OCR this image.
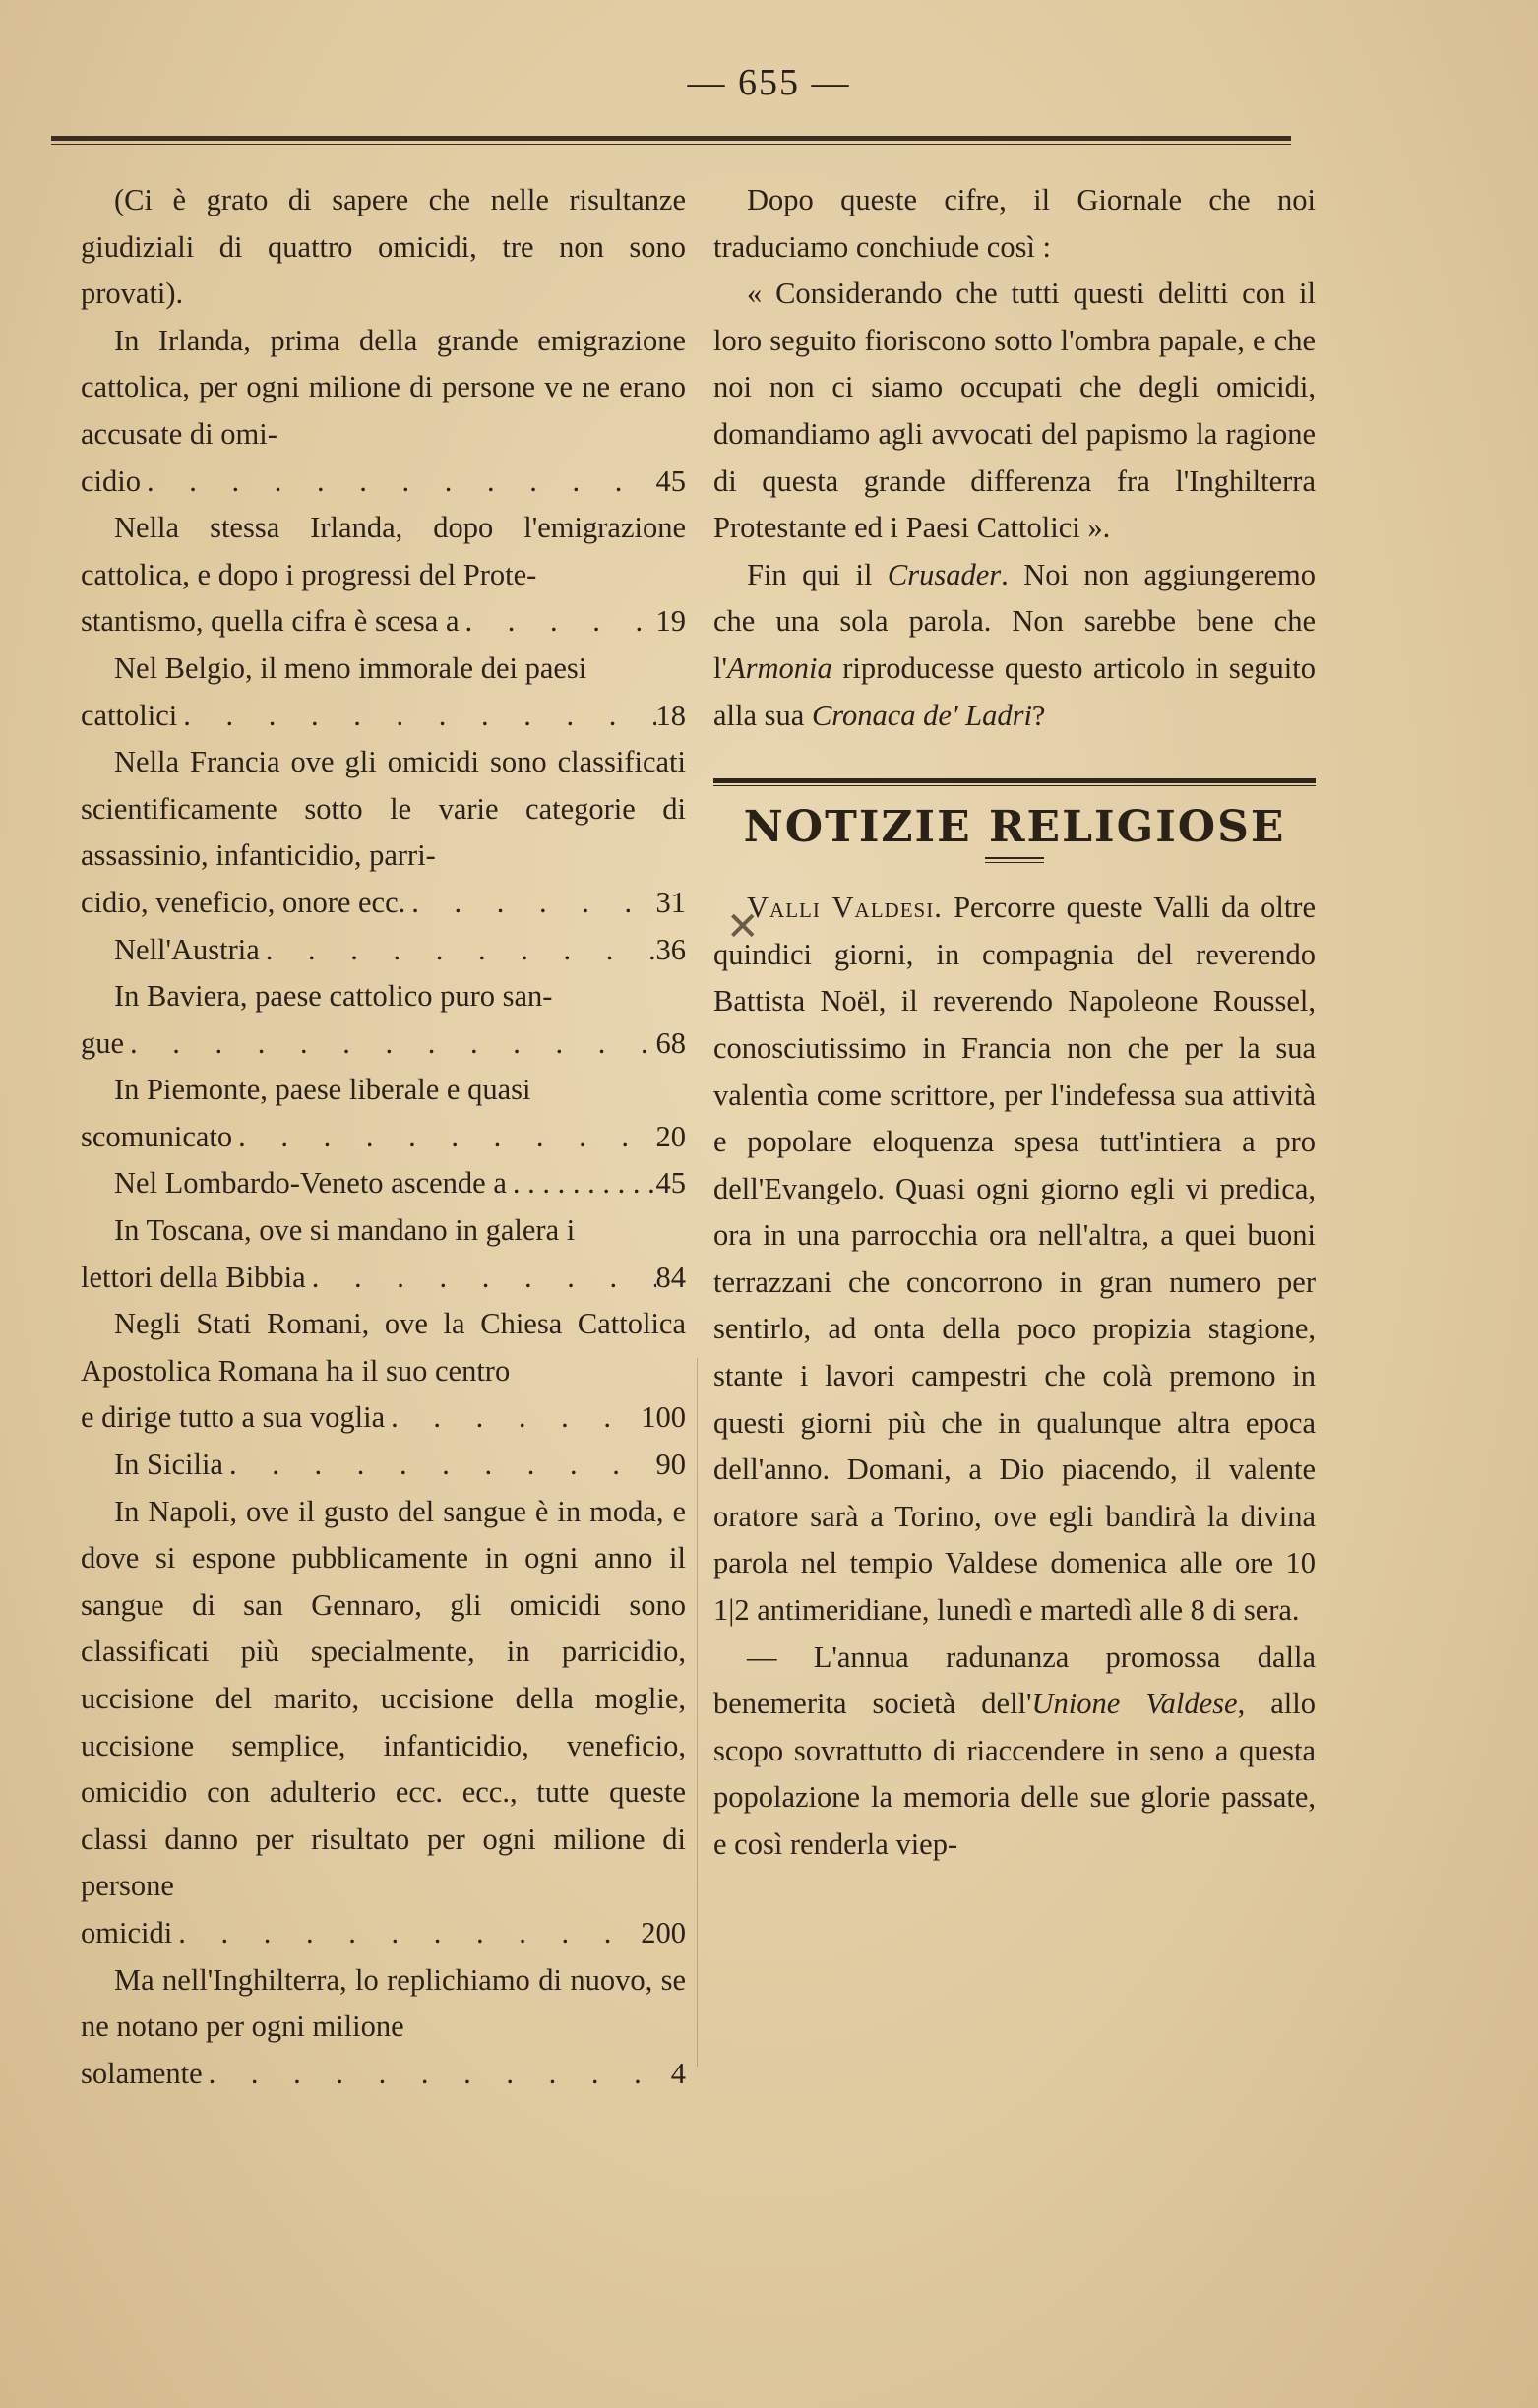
— 655 —

(Ci è grato di sapere che nelle risultanze giudiziali di quattro omicidi, tre non sono provati).

In Irlanda, prima della grande emigrazione cattolica, per ogni milione di persone ve ne erano accusate di omi-

cidio . . .	45

Nella stessa Irlanda, dopo l'emigrazione cattolica, e dopo i progressi del Prote-

stantismo, quella cifra è scesa a . . .	19

Nel Belgio, il meno immorale dei paesi

cattolici . . .	18

Nella Francia ove gli omicidi sono classificati scientificamente sotto le varie categorie di assassinio, infanticidio, parri-

cidio, veneficio, onore ecc. . . .	31
Nell'Austria . . .	36

In Baviera, paese cattolico puro san-

gue . . .	68

In Piemonte, paese liberale e quasi

scomunicato . . .	20
Nel Lombardo-Veneto ascende a . . .	45

In Toscana, ove si mandano in galera i

lettori della Bibbia . . .	84

Negli Stati Romani, ove la Chiesa Cattolica Apostolica Romana ha il suo centro

e dirige tutto a sua voglia . . .	100
In Sicilia . . .	90

In Napoli, ove il gusto del sangue è in moda, e dove si espone pubblicamente in ogni anno il sangue di san Gennaro, gli omicidi sono classificati più specialmente, in parricidio, uccisione del marito, uccisione della moglie, uccisione semplice, infanticidio, veneficio, omicidio con adulterio ecc. ecc., tutte queste classi danno per risultato per ogni milione di persone

omicidi . . .	200

Ma nell'Inghilterra, lo replichiamo di nuovo, se ne notano per ogni milione

solamente . . .	4

Dopo queste cifre, il Giornale che noi traduciamo conchiude così :

« Considerando che tutti questi delitti con il loro seguito fioriscono sotto l'ombra papale, e che noi non ci siamo occupati che degli omicidi, domandiamo agli avvocati del papismo la ragione di questa grande differenza fra l'Inghilterra Protestante ed i Paesi Cattolici ».

Fin qui il Crusader. Noi non aggiungeremo che una sola parola. Non sarebbe bene che l'Armonia riproducesse questo articolo in seguito alla sua Cronaca de' Ladri?

NOTIZIE RELIGIOSE

Valli Valdesi. Percorre queste Valli da oltre quindici giorni, in compagnia del reverendo Battista Noël, il reverendo Napoleone Roussel, conosciutissimo in Francia non che per la sua valentìa come scrittore, per l'indefessa sua attività e popolare eloquenza spesa tutt'intiera a pro dell'Evangelo. Quasi ogni giorno egli vi predica, ora in una parrocchia ora nell'altra, a quei buoni terrazzani che concorrono in gran numero per sentirlo, ad onta della poco propizia stagione, stante i lavori campestri che colà premono in questi giorni più che in qualunque altra epoca dell'anno. Domani, a Dio piacendo, il valente oratore sarà a Torino, ove egli bandirà la divina parola nel tempio Valdese domenica alle ore 10 1|2 antimeridiane, lunedì e martedì alle 8 di sera.

— L'annua radunanza promossa dalla benemerita società dell'Unione Valdese, allo scopo sovrattutto di riaccendere in seno a questa popolazione la memoria delle sue glorie passate, e così renderla viep-

✕
